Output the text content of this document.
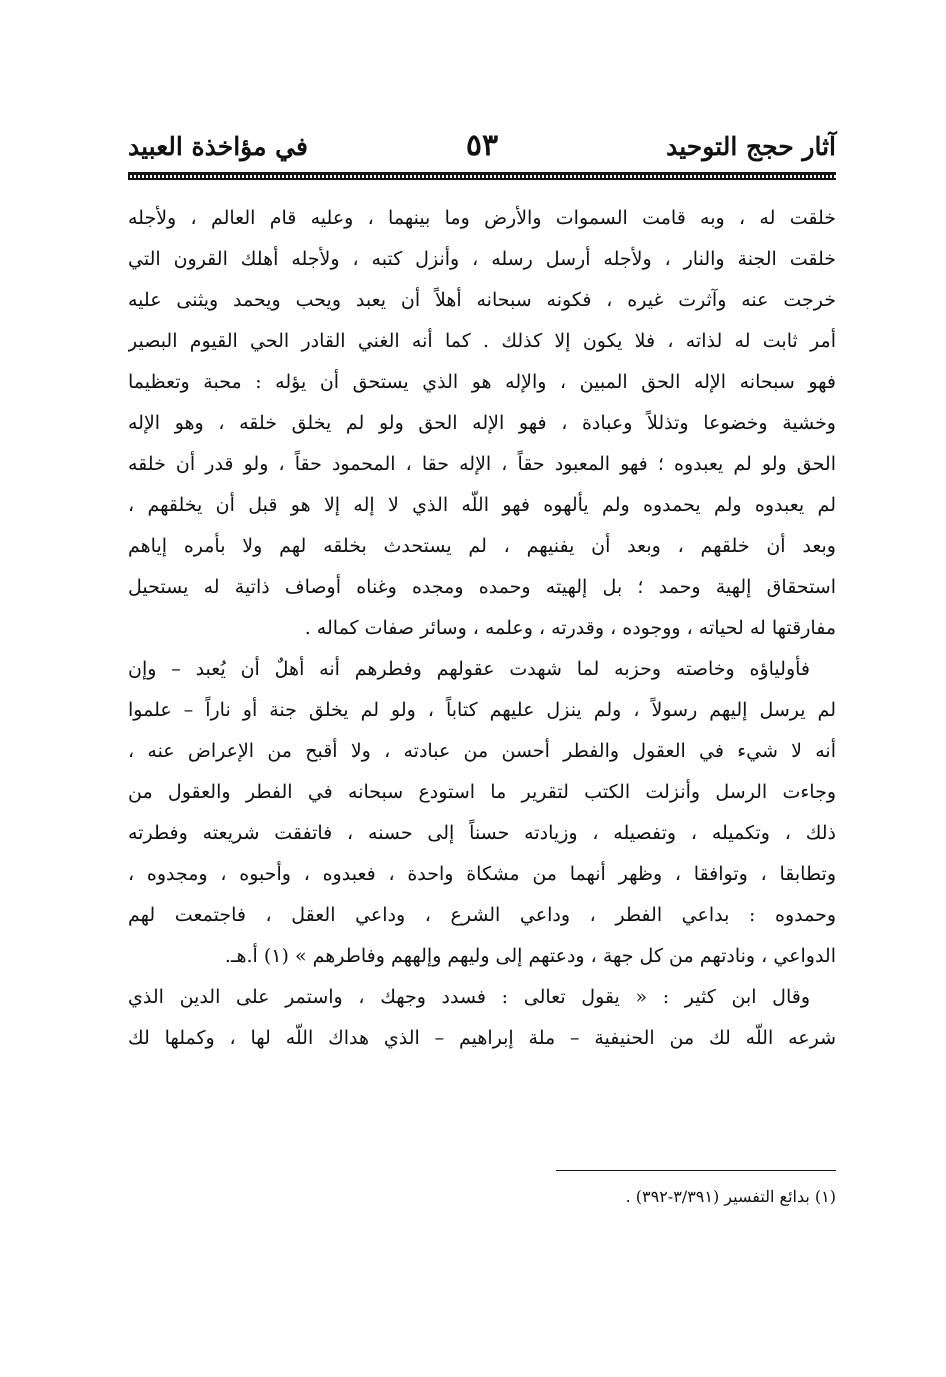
آثار حجج التوحيد
٥٣
في مؤاخذة العبيد
خلقت له ، وبه قامت السموات والأرض وما بينهما ، وعليه قام العالم ، ولأجله
خلقت الجنة والنار ، ولأجله أرسل رسله ، وأنزل كتبه ، ولأجله أهلك القرون التي
خرجت عنه وآثرت غيره ، فكونه سبحانه أهلاً أن يعبد ويحب ويحمد ويثنى عليه
أمر ثابت له لذاته ، فلا يكون إلا كذلك . كما أنه الغني القادر الحي القيوم البصير
فهو سبحانه الإله الحق المبين ، والإله هو الذي يستحق أن يؤله : محبة وتعظيما
وخشية وخضوعا وتذللاً وعبادة ، فهو الإله الحق ولو لم يخلق خلقه ، وهو الإله
الحق ولو لم يعبدوه ؛ فهو المعبود حقاً ، الإله حقا ، المحمود حقاً ، ولو قدر أن خلقه
لم يعبدوه ولم يحمدوه ولم يألهوه فهو اللّه الذي لا إله إلا هو قبل أن يخلقهم ،
وبعد أن خلقهم ، وبعد أن يفنيهم ، لم يستحدث بخلقه لهم ولا بأمره إياهم
استحقاق إلهية وحمد ؛ بل إلهيته وحمده ومجده وغناه أوصاف ذاتية له يستحيل
مفارقتها له لحياته ، ووجوده ، وقدرته ، وعلمه ، وسائر صفات كماله .
فأولياؤه وخاصته وحزبه لما شهدت عقولهم وفطرهم أنه أهلٌ أن يُعبد – وإن
لم يرسل إليهم رسولاً ، ولم ينزل عليهم كتاباً ، ولو لم يخلق جنة أو ناراً – علموا
أنه لا شيء في العقول والفطر أحسن من عبادته ، ولا أقبح من الإعراض عنه ،
وجاءت الرسل وأنزلت الكتب لتقرير ما استودع سبحانه في الفطر والعقول من
ذلك ، وتكميله ، وتفصيله ، وزيادته حسناً إلى حسنه ، فاتفقت شريعته وفطرته
وتطابقا ، وتوافقا ، وظهر أنهما من مشكاة واحدة ، فعبدوه ، وأحبوه ، ومجدوه ،
وحمدوه : بداعي الفطر ، وداعي الشرع ، وداعي العقل ، فاجتمعت لهم
الدواعي ، ونادتهم من كل جهة ، ودعتهم إلى وليهم وإلههم وفاطرهم » (١) أ.هـ.
وقال ابن كثير : « يقول تعالى : فسدد وجهك ، واستمر على الدين الذي
شرعه اللّه لك من الحنيفية – ملة إبراهيم – الذي هداك اللّه لها ، وكملها لك
(١) بدائع التفسير (٣/٣٩١-٣٩٢) .
